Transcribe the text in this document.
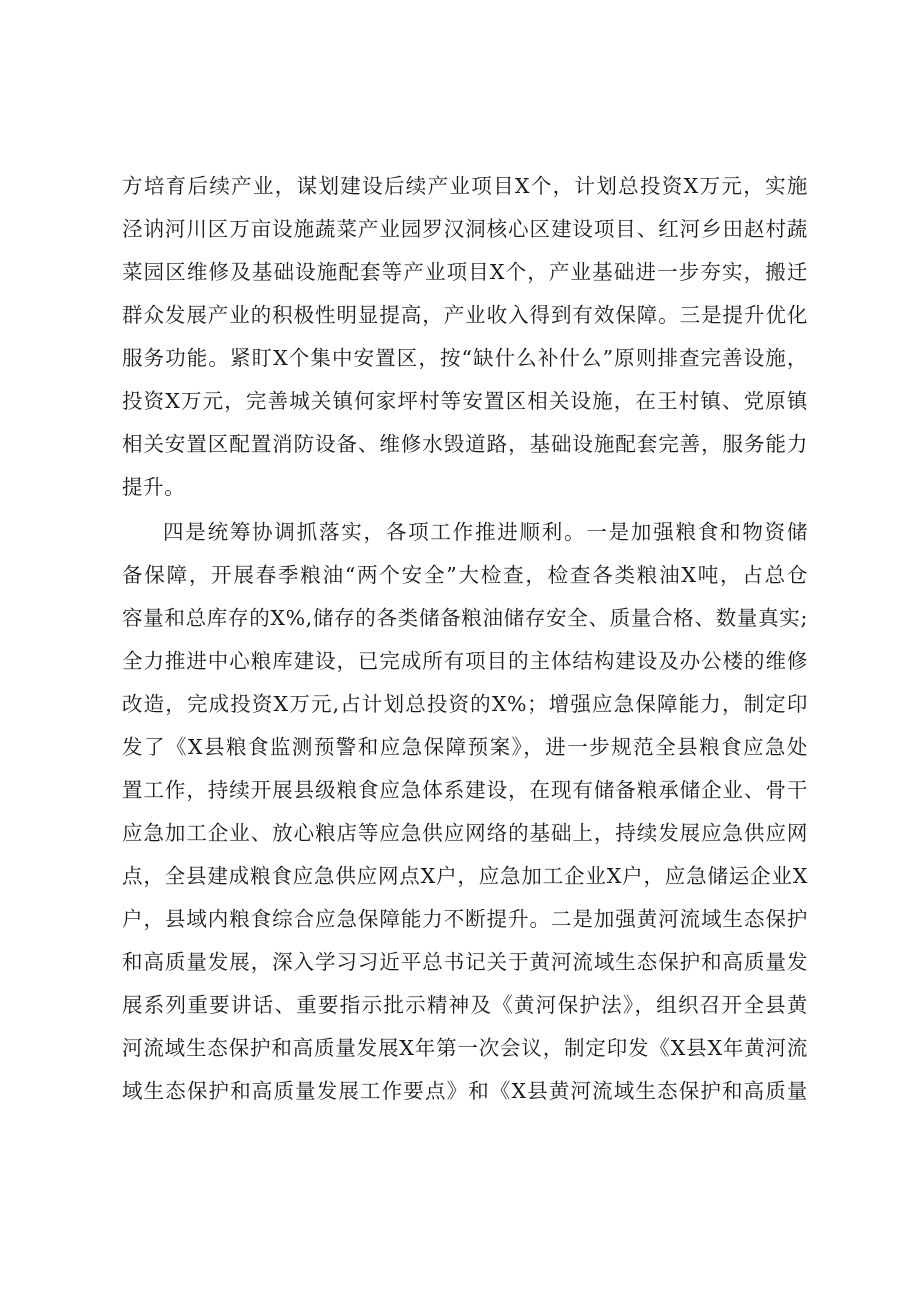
方培育后续产业，谋划建设后续产业项目X个，计划总投资X万元，实施
泾讷河川区万亩设施蔬菜产业园罗汉洞核心区建设项目、红河乡田赵村蔬
菜园区维修及基础设施配套等产业项目X个，产业基础进一步夯实，搬迁
群众发展产业的积极性明显提高，产业收入得到有效保障。三是提升优化
服务功能。紧盯X个集中安置区，按“缺什么补什么”原则排查完善设施，
投资X万元，完善城关镇何家坪村等安置区相关设施，在王村镇、党原镇
相关安置区配置消防设备、维修水毁道路，基础设施配套完善，服务能力
提升。
四是统筹协调抓落实，各项工作推进顺利。一是加强粮食和物资储
备保障，开展春季粮油“两个安全”大检查，检查各类粮油X吨，占总仓
容量和总库存的X%,储存的各类储备粮油储存安全、质量合格、数量真实;
全力推进中心粮库建设，已完成所有项目的主体结构建设及办公楼的维修
改造，完成投资X万元,占计划总投资的X%；增强应急保障能力，制定印
发了《X县粮食监测预警和应急保障预案》，进一步规范全县粮食应急处
置工作，持续开展县级粮食应急体系建设，在现有储备粮承储企业、骨干
应急加工企业、放心粮店等应急供应网络的基础上，持续发展应急供应网
点，全县建成粮食应急供应网点X户，应急加工企业X户，应急储运企业X
户，县域内粮食综合应急保障能力不断提升。二是加强黄河流域生态保护
和高质量发展，深入学习习近平总书记关于黄河流域生态保护和高质量发
展系列重要讲话、重要指示批示精神及《黄河保护法》，组织召开全县黄
河流域生态保护和高质量发展X年第一次会议，制定印发《X县X年黄河流
域生态保护和高质量发展工作要点》和《X县黄河流域生态保护和高质量
